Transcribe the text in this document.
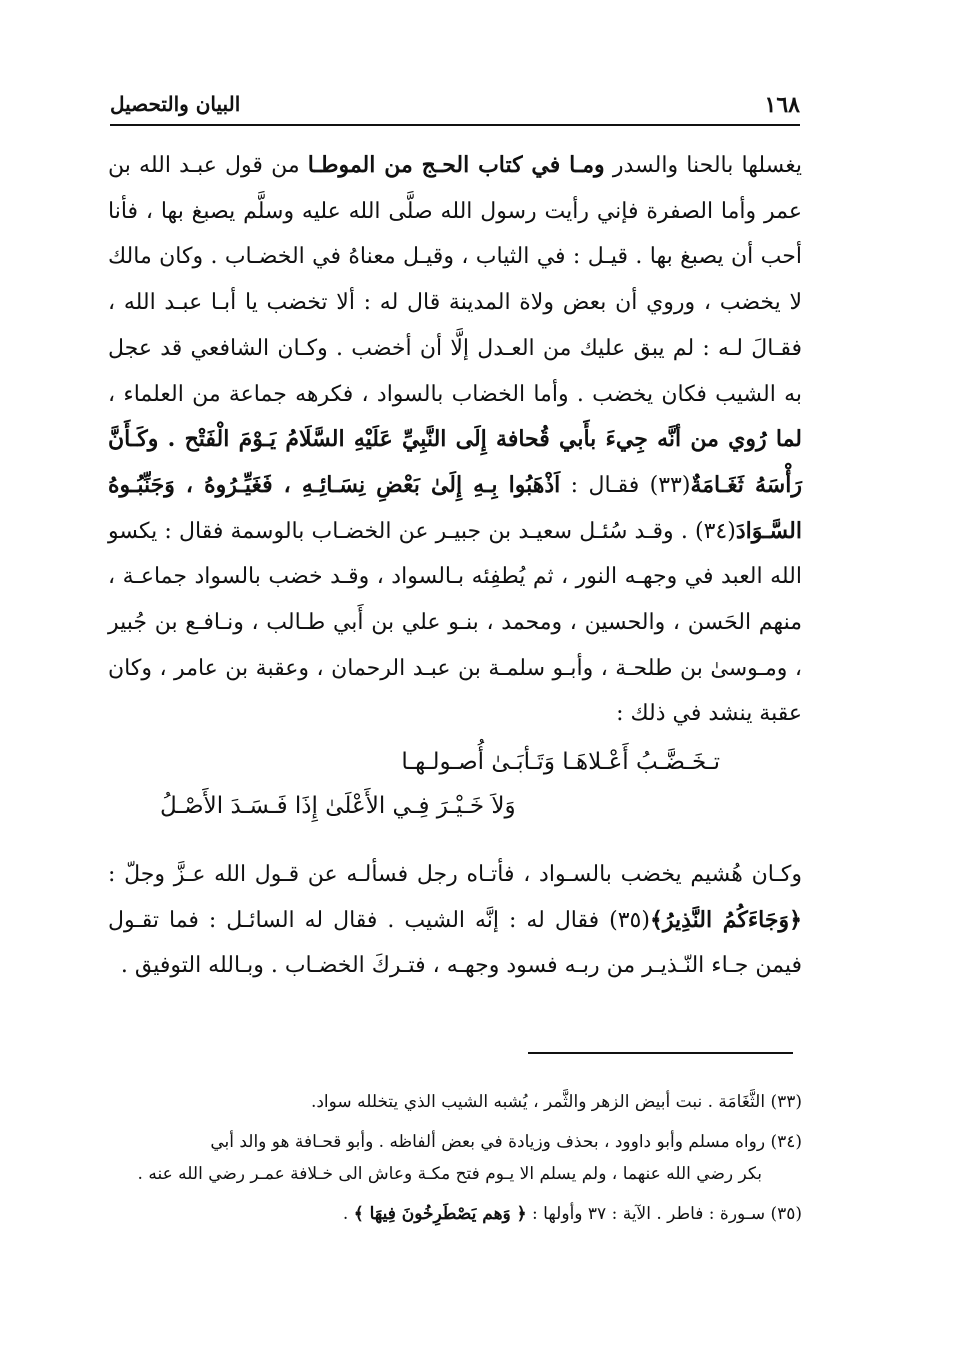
١٦٨
البيان والتحصيل

يغسلها بالحنا والسدر ومـا في كتاب الحـج من الموطـا من قول عبـد الله بن عمر وأما الصفرة فإني رأيت رسول الله صلَّى الله عليه وسلَّم يصبغ بها ، فأنا أحب أن يصبغ بها . قيـل : في الثياب ، وقيـل معناهُ في الخضـاب . وكان مالك لا يخضب ، وروي أن بعض ولاة المدينة قال له : ألا تخضب يا أبـا عبـد الله ، فقـالَ لـه : لم يبق عليك من العـدل إلَّا أن أخضب . وكـان الشافعي قد عجل به الشيب فكان يخضب . وأما الخضاب بالسواد ، فكرهه جماعة من العلماء ، لما رُوي من أنَّه جِيءَ بأَبي قُحافة إِلَى النَّبِيِّ عَلَيْهِ السَّلَامُ يَـوْمَ الْفَتْح . وكَـأَنَّ رَأْسَهُ ثَغَـامَةٌ(٣٣) فقـال : اَذْهَبُوا بِـهِ إِلَىٰ بَعْضِ نِسَـائِـهِ ، فَغَيِّـرُوهُ ، وَجَنِّبُـوهُ السَّـوَادَ(٣٤) . وقـد سُئـل سعيـد بن جبيـر عن الخضـاب بالوسمة فقال : يكسو الله العبد في وجهـه النور ، ثم يُطفِئه بـالسواد ، وقـد خضب بالسواد جماعـة ، منهم الحَسن ، والحسين ، ومحمد ، بنـو علي بن أَبي طـالب ، ونـافـع بن جُبير ، ومـوسىٰ بن طلحـة ، وأبـو سلمـة بن عبـد الرحمان ، وعقبة بن عامر ، وكان عقبة ينشد في ذلك :

تـخَـضَّـبُ أَعْـلاهَـا وَتَـأبَـىٰ أُصـولـهـا
وَلاَ خَـيْـرَ فِـي الأَعْلَىٰ إِذَا فَـسَـدَ الأَصْـلُ

وكـان هُشيم يخضب بالسـواد ، فأتـاه رجل فسألـه عن قـول الله عـزَّ وجلّ : ﴿وَجَاءَكُمُ النَّذِيرُ﴾(٣٥) فقال له : إنَّه الشيب . فقال له السائـل : فما تقـول فيمن جـاء النّـذيـر من ربـه فسود وجهـه ، فتـركَ الخضـاب . وبـالله التوفيق .

(٣٣) الثَّغَامَة . نبت أبيض الزهر والثَّمر ، يُشبه الشيب الذي يتخلله سواد.

(٣٤) رواه مسلم وأبو داوود ، بحذف وزيادة في بعض ألفاظه . وأبو قحـافة هو والد أبي

بكر رضي الله عنهما ، ولم يسلم الا يـوم فتح مكـة وعاش الى خـلافة عمـر رضي الله عنه .

(٣٥) سـورة : فاطر . الآية : ٣٧ وأولها : ﴿ وَهم يَصْطَرِخُونَ فِيهَا ﴾ .
